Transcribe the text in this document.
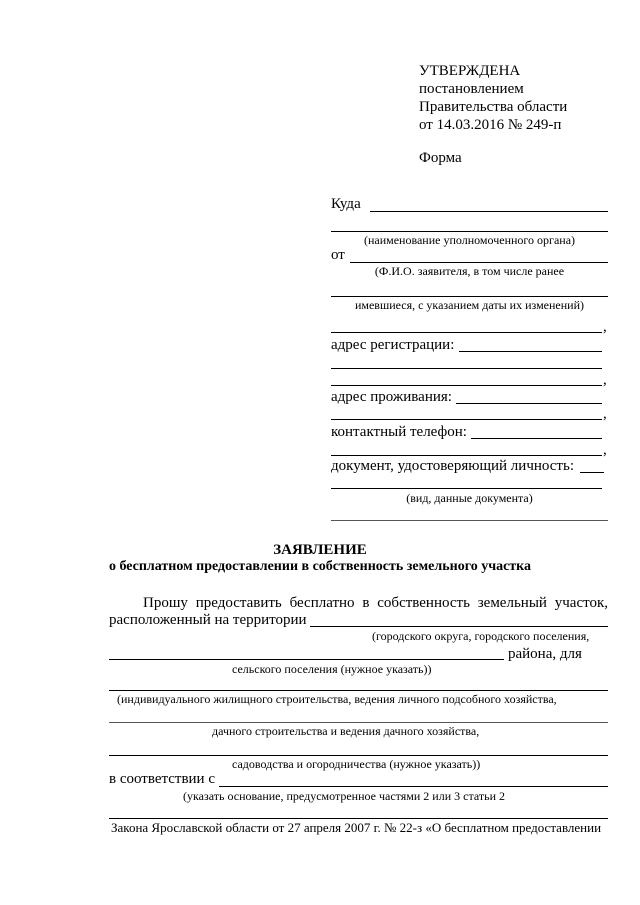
УТВЕРЖДЕНА
постановлением
Правительства области
от 14.03.2016 № 249-п
Форма
Куда
(наименование уполномоченного органа)
от
(Ф.И.О. заявителя, в том числе ранее
имевшиеся, с указанием даты их изменений)
,
адрес регистрации:
,
адрес проживания:
,
контактный телефон:
,
документ, удостоверяющий личность:
(вид, данные документа)
ЗАЯВЛЕНИЕ
о бесплатном предоставлении в собственность земельного участка
Прошу предоставить бесплатно в собственность земельный участок,
расположенный на территории
(городского округа, городского поселения,
района, для
сельского поселения (нужное указать))
(индивидуального жилищного строительства, ведения личного подсобного хозяйства,
дачного строительства и ведения дачного хозяйства,
садоводства и огородничества (нужное указать))
в соответствии с
(указать основание, предусмотренное частями 2 или 3 статьи 2
Закона Ярославской области от 27 апреля 2007 г. № 22-з «О бесплатном предоставлении
